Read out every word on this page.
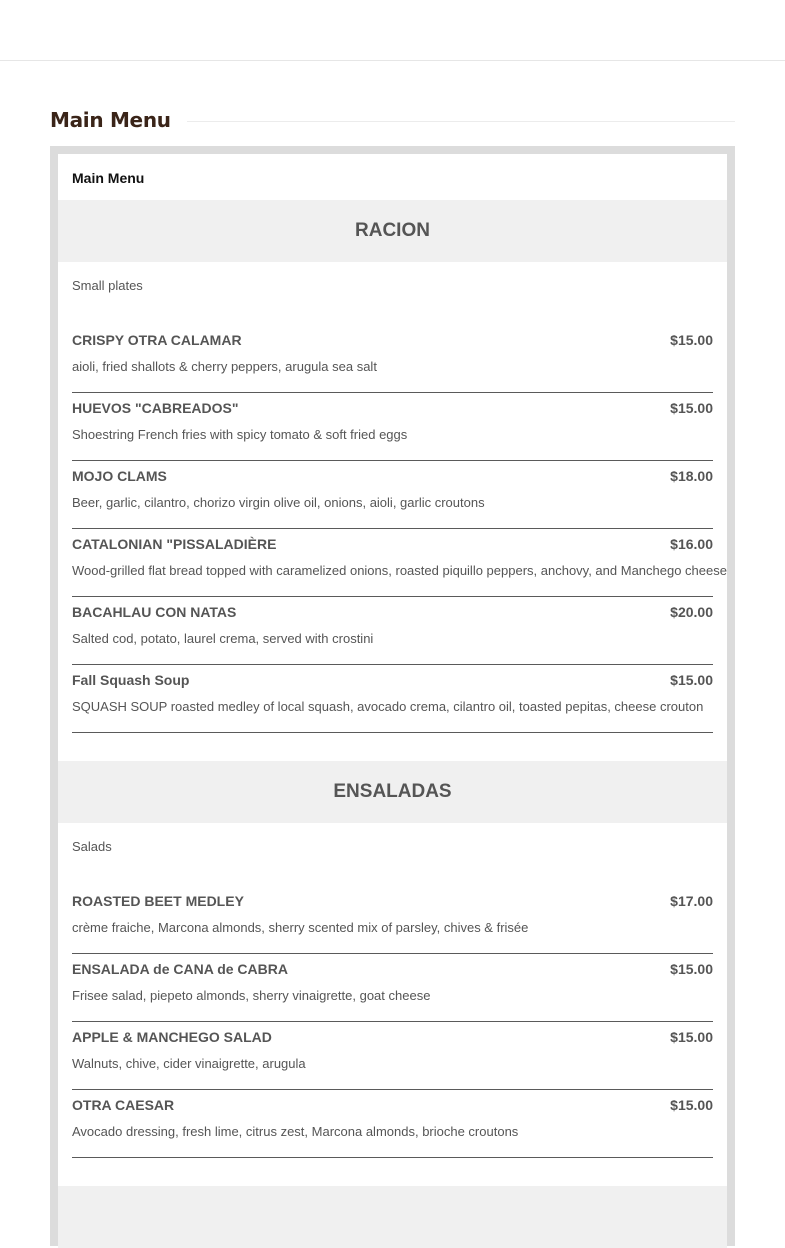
Main Menu
Main Menu
RACION
Small plates
CRISPY OTRA CALAMAR	$15.00
aioli, fried shallots & cherry peppers, arugula sea salt
HUEVOS "CABREADOS"	$15.00
Shoestring French fries with spicy tomato & soft fried eggs
MOJO CLAMS	$18.00
Beer, garlic, cilantro, chorizo virgin olive oil, onions, aioli, garlic croutons
CATALONIAN "PISSALADIÈRE	$16.00
Wood-grilled flat bread topped with caramelized onions, roasted piquillo peppers, anchovy, and Manchego cheese
BACAHLAU CON NATAS	$20.00
Salted cod, potato, laurel crema, served with crostini
Fall Squash Soup	$15.00
SQUASH SOUP roasted medley of local squash, avocado crema, cilantro oil, toasted pepitas, cheese crouton
ENSALADAS
Salads
ROASTED BEET MEDLEY	$17.00
crème fraiche, Marcona almonds, sherry scented mix of parsley, chives & frisée
ENSALADA de CANA de CABRA	$15.00
Frisee salad, piepeto almonds, sherry vinaigrette, goat cheese
APPLE & MANCHEGO SALAD	$15.00
Walnuts, chive, cider vinaigrette, arugula
OTRA CAESAR	$15.00
Avocado dressing, fresh lime, citrus zest, Marcona almonds, brioche croutons
